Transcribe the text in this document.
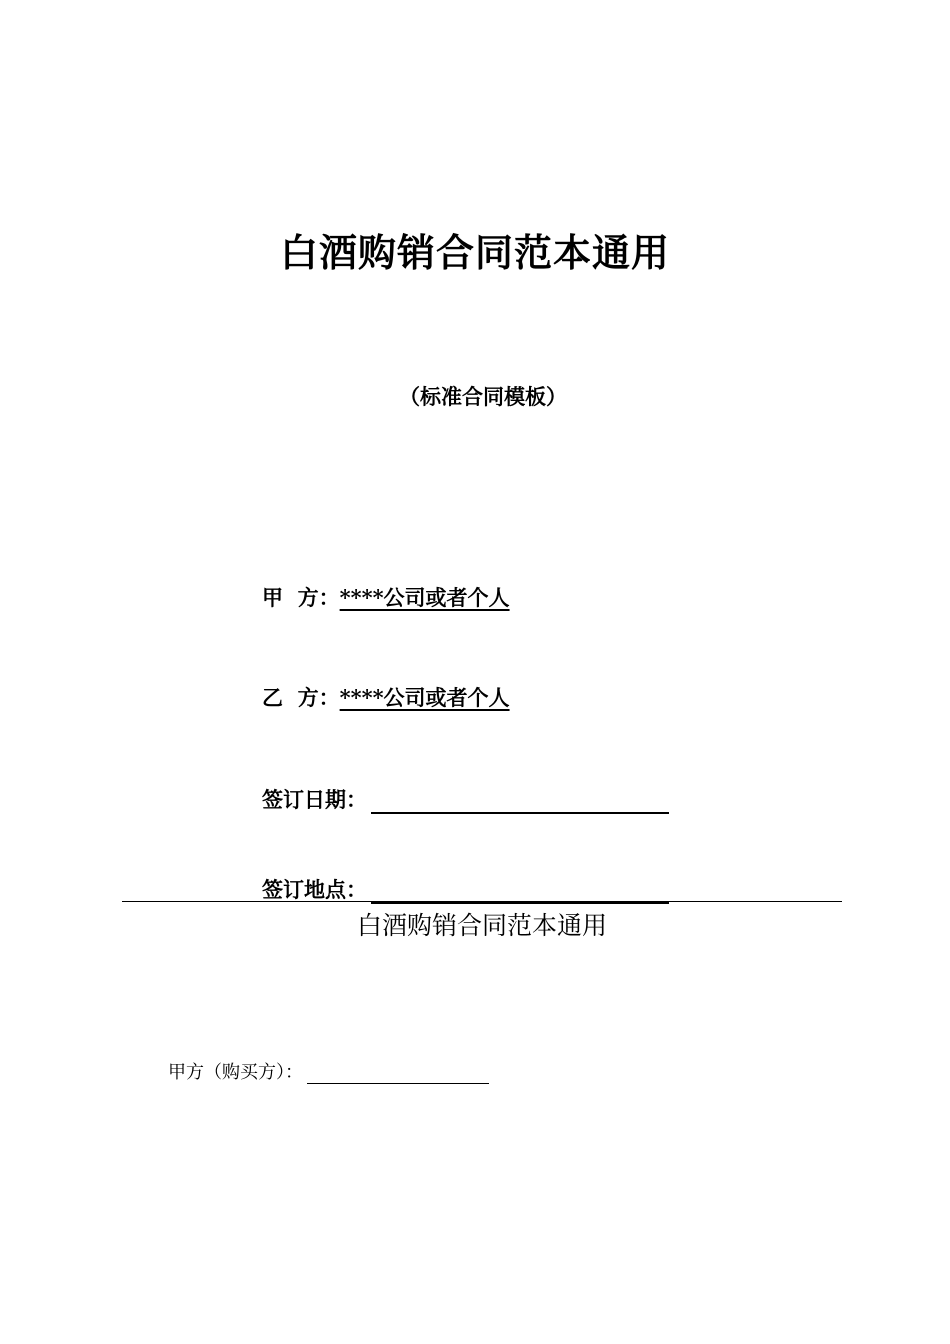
白酒购销合同范本通用
（标准合同模板）
甲  方：****公司或者个人
乙  方：****公司或者个人
签订日期：
签订地点：
白酒购销合同范本通用
甲方（购买方）：
